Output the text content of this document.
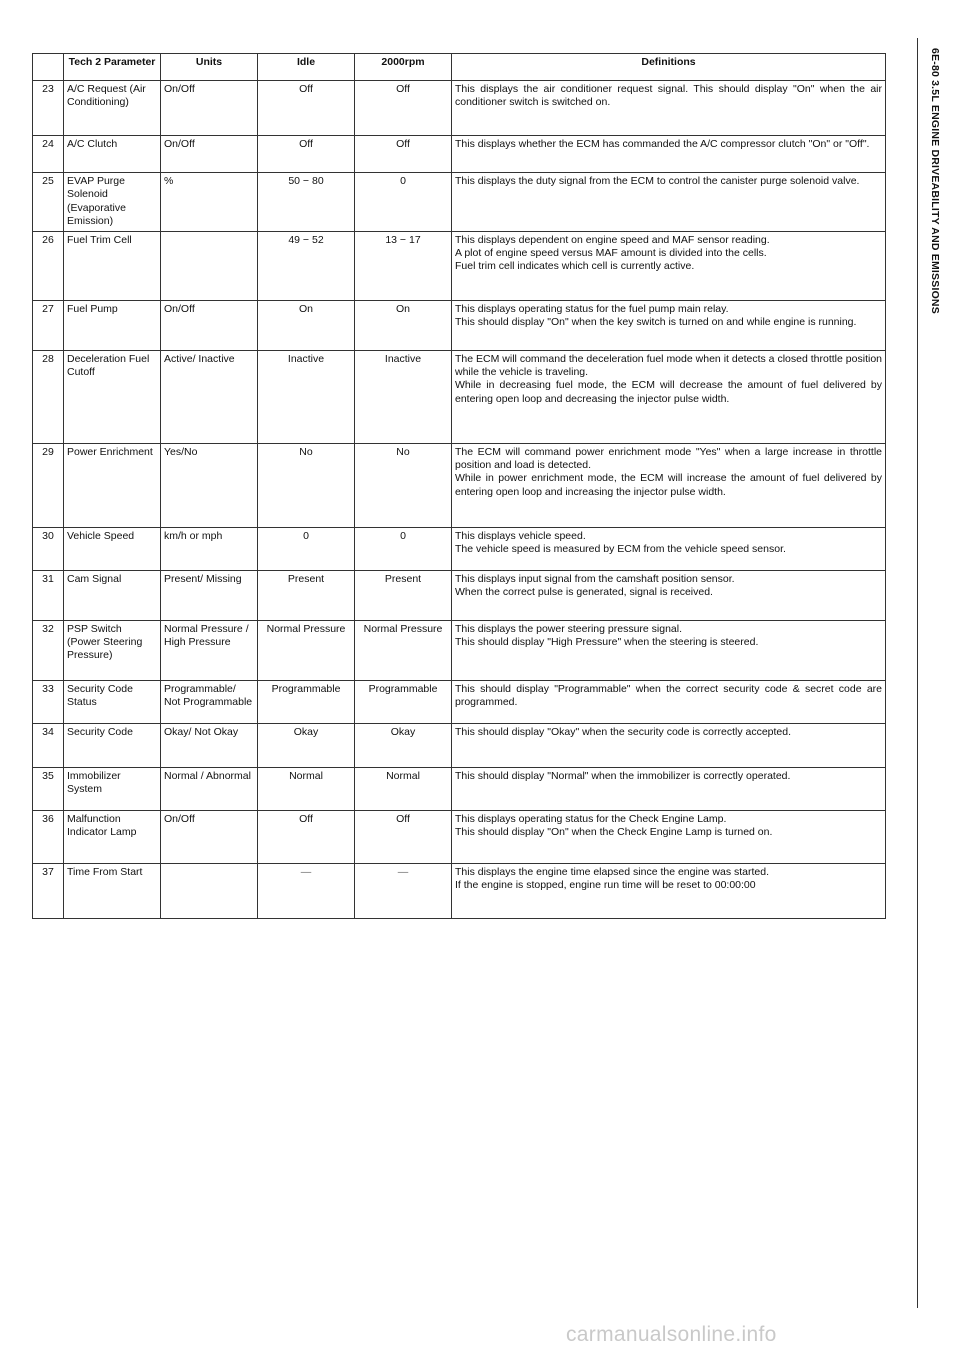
6E-80 3.5L ENGINE DRIVEABILITY AND EMISSIONS
	Tech 2 Parameter	Units	Idle	2000rpm	Definitions
23	A/C Request (Air Conditioning)	On/Off	Off	Off	This displays the air conditioner request signal. This should display "On" when the air conditioner switch is switched on.

24	A/C Clutch	On/Off	Off	Off	This displays whether the ECM has commanded the A/C compressor clutch "On" or "Off".

25	EVAP Purge Solenoid (Evaporative Emission)	%	50 − 80	0	This displays the duty signal from the ECM to control the canister purge solenoid valve.

26	Fuel Trim Cell		49 − 52	13 − 17	This displays dependent on engine speed and MAF sensor reading.
A plot of engine speed versus MAF amount is divided into the cells.
Fuel trim cell indicates which cell is currently active.

27	Fuel Pump	On/Off	On	On	This displays operating status for the fuel pump main relay.
This should display "On" when the key switch is turned on and while engine is running.

28	Deceleration Fuel Cutoff	Active/ Inactive	Inactive	Inactive	The ECM will command the deceleration fuel mode when it detects a closed throttle position while the vehicle is traveling.
While in decreasing fuel mode, the ECM will decrease the amount of fuel delivered by entering open loop and decreasing the injector pulse width.

29	Power Enrichment	Yes/No	No	No	The ECM will command power enrichment mode "Yes" when a large increase in throttle position and load is detected.
While in power enrichment mode, the ECM will increase the amount of fuel delivered by entering open loop and increasing the injector pulse width.

30	Vehicle Speed	km/h or mph	0	0	This displays vehicle speed.
The vehicle speed is measured by ECM from the vehicle speed sensor.

31	Cam Signal	Present/ Missing	Present	Present	This displays input signal from the camshaft position sensor.
When the correct pulse is generated, signal is received.

32	PSP Switch (Power Steering Pressure)	Normal Pressure / High Pressure	Normal Pressure	Normal Pressure	This displays the power steering pressure signal.
This should display "High Pressure" when the steering is steered.

33	Security Code Status	Programmable/ Not Programmable	Programmable	Programmable	This should display "Programmable" when the correct security code & secret code are programmed.

34	Security Code	Okay/ Not Okay	Okay	Okay	This should display "Okay" when the security code is correctly accepted.

35	Immobilizer System	Normal / Abnormal	Normal	Normal	This should display "Normal" when the immobilizer is correctly operated.

36	Malfunction Indicator Lamp	On/Off	Off	Off	This displays operating status for the Check Engine Lamp.
This should display "On" when the Check Engine Lamp is turned on.

37	Time From Start		—	—	This displays the engine time elapsed since the engine was started.
If the engine is stopped, engine run time will be reset to 00:00:00
carmanualsonline.info
